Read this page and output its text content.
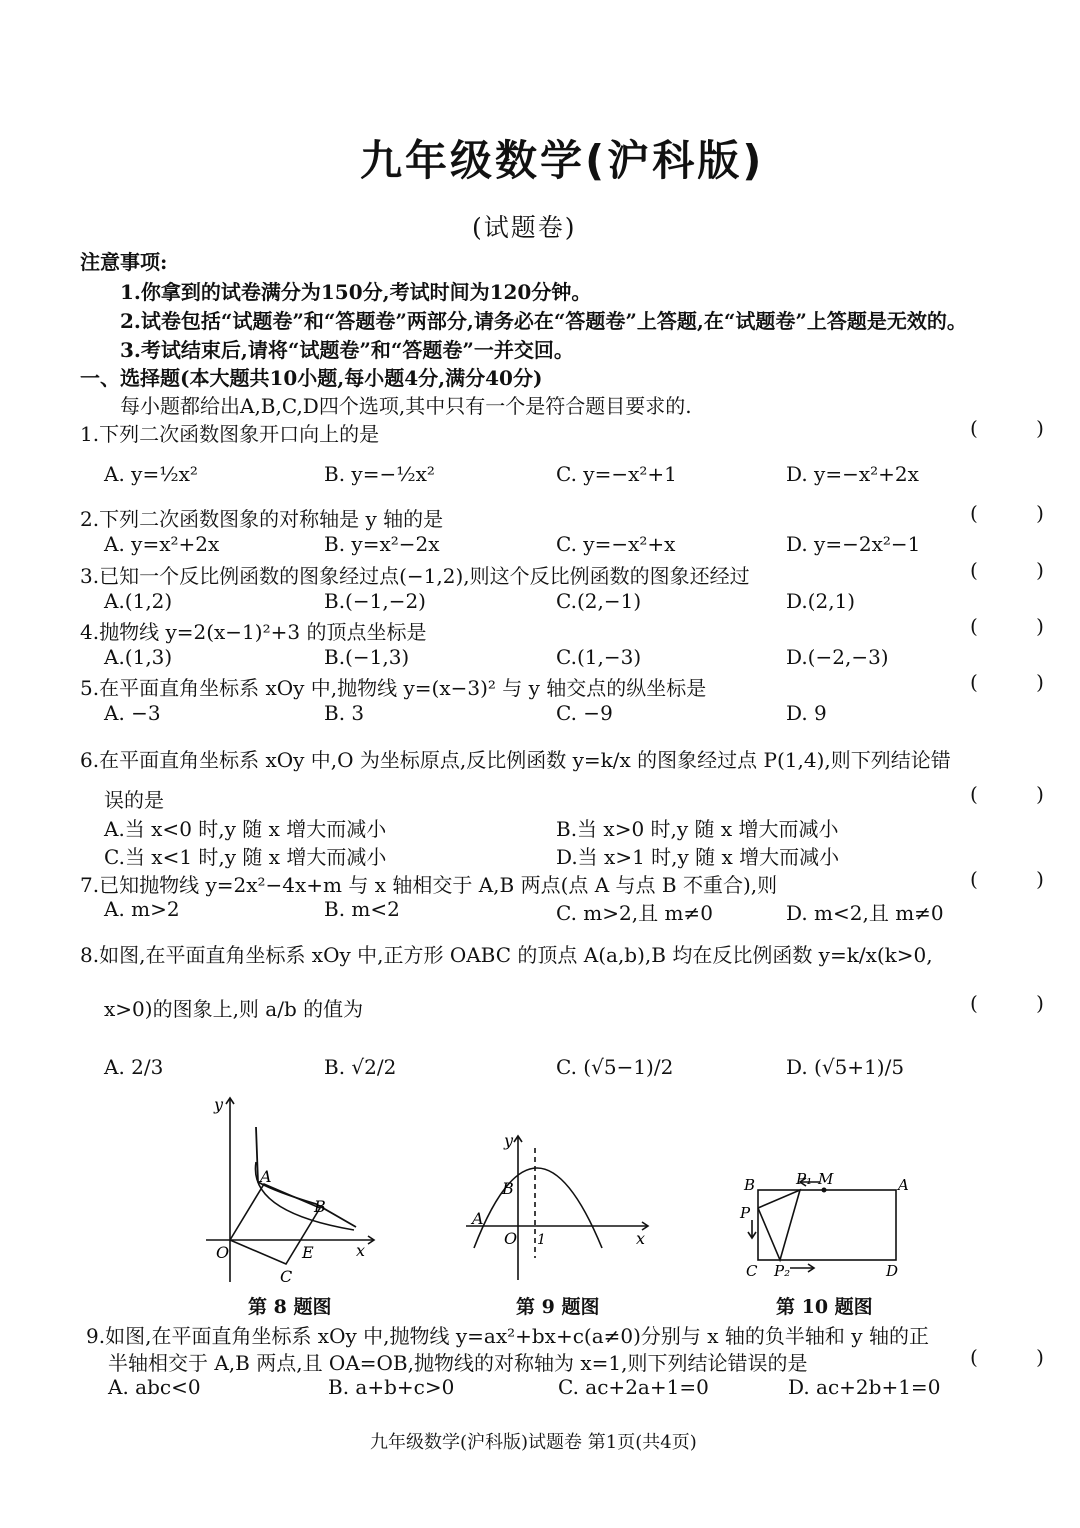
九年级数学(沪科版)
(试题卷)
注意事项:
1.你拿到的试卷满分为150分,考试时间为120分钟。
2.试卷包括“试题卷”和“答题卷”两部分,请务必在“答题卷”上答题,在“试题卷”上答题是无效的。
3.考试结束后,请将“试题卷”和“答题卷”一并交回。
一、选择题(本大题共10小题,每小题4分,满分40分)
每小题都给出A,B,C,D四个选项,其中只有一个是符合题目要求的.
1.下列二次函数图象开口向上的是	( )
A. y=½x²	B. y=−½x²	C. y=−x²+1	D. y=−x²+2x
2.下列二次函数图象的对称轴是 y 轴的是	( )
A. y=x²+2x	B. y=x²−2x	C. y=−x²+x	D. y=−2x²−1
3.已知一个反比例函数的图象经过点(−1,2),则这个反比例函数的图象还经过	( )
A.(1,2)	B.(−1,−2)	C.(2,−1)	D.(2,1)
4.抛物线 y=2(x−1)²+3 的顶点坐标是	( )
A.(1,3)	B.(−1,3)	C.(1,−3)	D.(−2,−3)
5.在平面直角坐标系 xOy 中,抛物线 y=(x−3)² 与 y 轴交点的纵坐标是	( )
A. −3	B. 3	C. −9	D. 9
6.在平面直角坐标系 xOy 中,O 为坐标原点,反比例函数 y=k/x 的图象经过点 P(1,4),则下列结论错
误的是	( )
A.当 x<0 时,y 随 x 增大而减小	B.当 x>0 时,y 随 x 增大而减小
C.当 x<1 时,y 随 x 增大而减小	D.当 x>1 时,y 随 x 增大而减小
7.已知抛物线 y=2x²−4x+m 与 x 轴相交于 A,B 两点(点 A 与点 B 不重合),则	( )
A. m>2	B. m<2	C. m>2,且 m≠0	D. m<2,且 m≠0
8.如图,在平面直角坐标系 xOy 中,正方形 OABC 的顶点 A(a,b),B 均在反比例函数 y=k/x(k>0,
x>0)的图象上,则 a/b 的值为	( )
A. 2/3	B. √2/2	C. (√5−1)/2	D. (√5+1)/5
y
x
O
A
B
C
E
第 8 题图
y
x
O 1
A
B
第 9 题图
B	P₁ M	A
P
C P₂	D
第 10 题图
9.如图,在平面直角坐标系 xOy 中,抛物线 y=ax²+bx+c(a≠0)分别与 x 轴的负半轴和 y 轴的正
半轴相交于 A,B 两点,且 OA=OB,抛物线的对称轴为 x=1,则下列结论错误的是	( )
A. abc<0	B. a+b+c>0	C. ac+2a+1=0	D. ac+2b+1=0
九年级数学(沪科版)试题卷 第1页(共4页)
